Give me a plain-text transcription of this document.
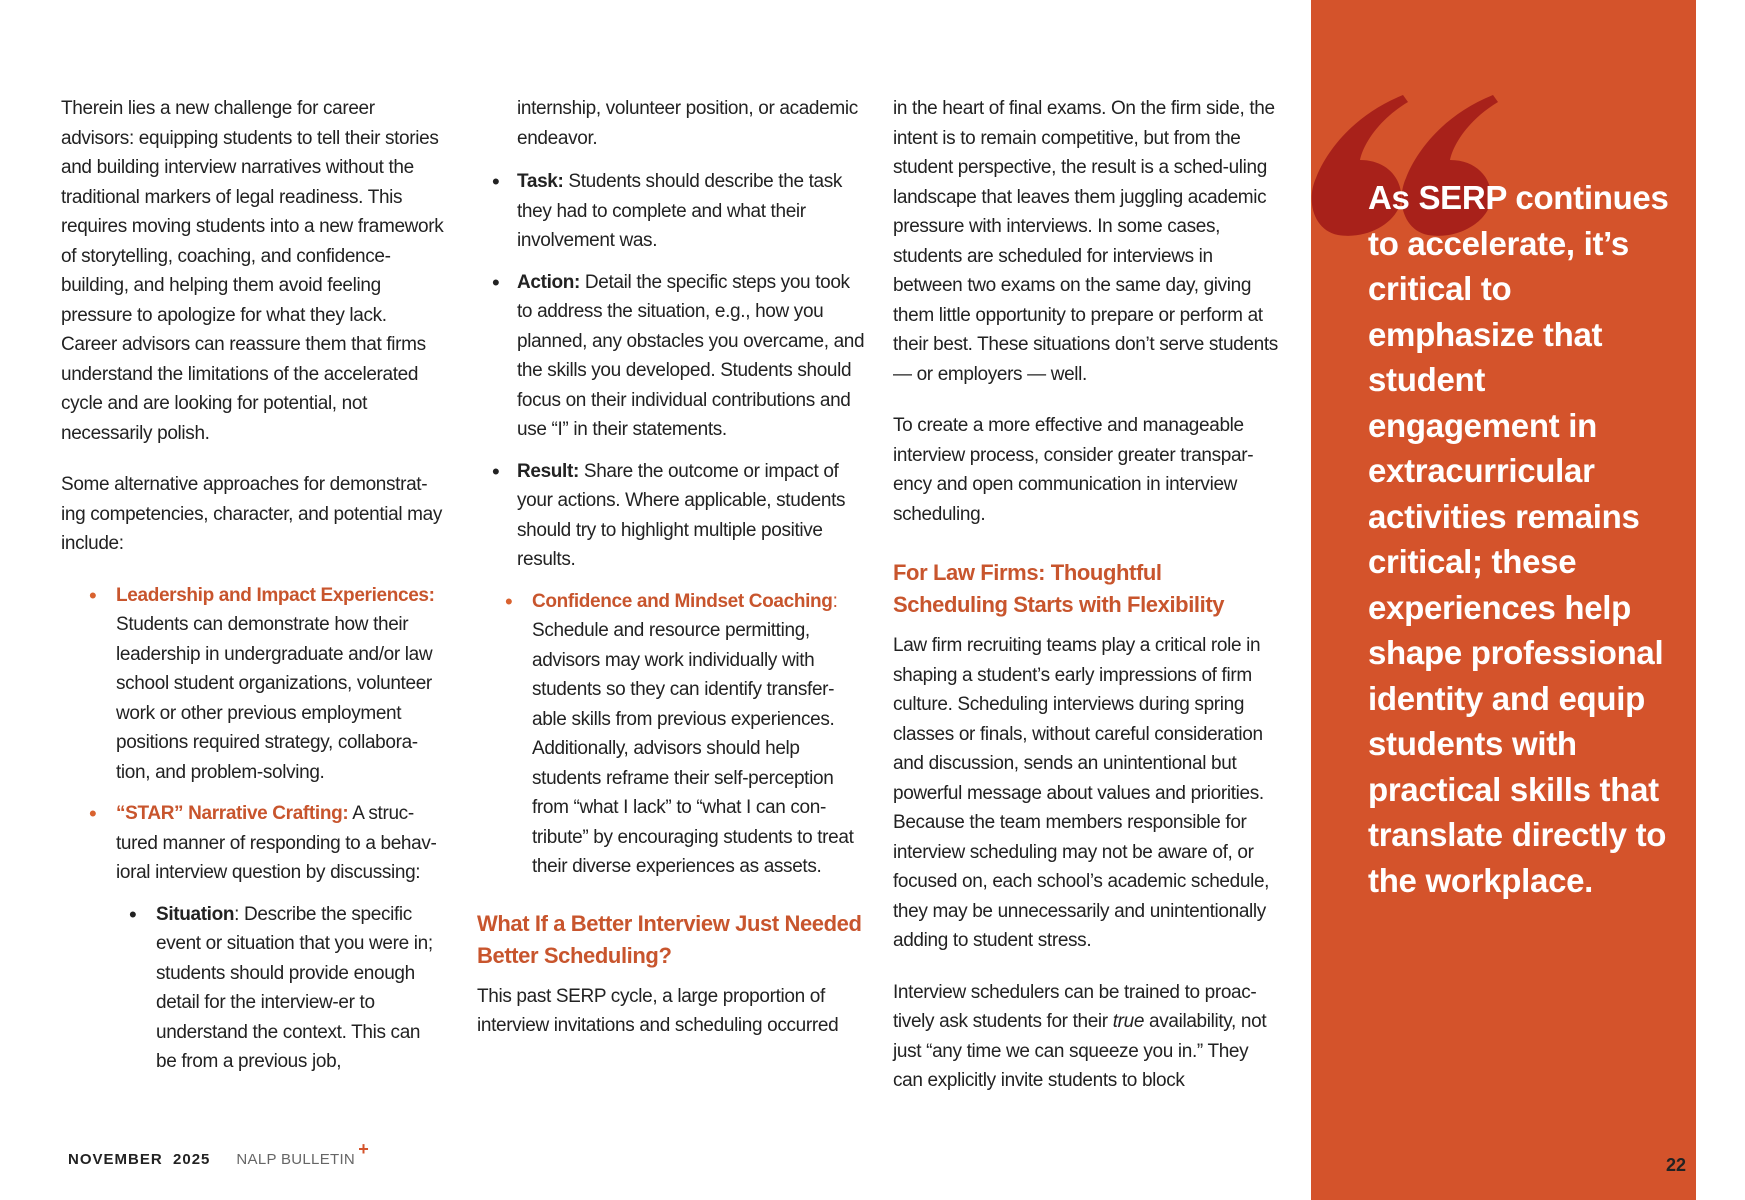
Therein lies a new challenge for career advisors: equipping students to tell their stories and building interview narratives without the traditional markers of legal readiness. This requires moving students into a new framework of storytelling, coaching, and confidence-building, and helping them avoid feeling pressure to apologize for what they lack. Career advisors can reassure them that firms understand the limitations of the accelerated cycle and are looking for potential, not necessarily polish.

Some alternative approaches for demonstrat-ing competencies, character, and potential may include:

• Leadership and Impact Experiences:
Students can demonstrate how their leadership in undergraduate and/or law school student organizations, volunteer work or other previous employment positions required strategy, collabora-tion, and problem-solving.
• “STAR” Narrative Crafting: A struc-tured manner of responding to a behav-ioral interview question by discussing:
• Situation: Describe the specific event or situation that you were in; students should provide enough detail for the interview-er to understand the context. This can be from a previous job,
internship, volunteer position, or academic endeavor.
• Task: Students should describe the task they had to complete and what their involvement was.
• Action: Detail the specific steps you took to address the situation, e.g., how you planned, any obstacles you overcame, and the skills you developed. Students should focus on their individual contributions and use “I” in their statements.
• Result: Share the outcome or impact of your actions. Where applicable, students should try to highlight multiple positive results.
• Confidence and Mindset Coaching:
Schedule and resource permitting, advisors may work individually with students so they can identify transfer-able skills from previous experiences. Additionally, advisors should help students reframe their self-perception from “what I lack” to “what I can con-tribute” by encouraging students to treat their diverse experiences as assets.
What If a Better Interview Just Needed Better Scheduling?

This past SERP cycle, a large proportion of interview invitations and scheduling occurred

in the heart of final exams. On the firm side, the intent is to remain competitive, but from the student perspective, the result is a sched-uling landscape that leaves them juggling academic pressure with interviews. In some cases, students are scheduled for interviews in between two exams on the same day, giving them little opportunity to prepare or perform at their best. These situations don’t serve students — or employers — well.

To create a more effective and manageable interview process, consider greater transpar-ency and open communication in interview scheduling.

For Law Firms: Thoughtful Scheduling Starts with Flexibility

Law firm recruiting teams play a critical role in shaping a student’s early impressions of firm culture. Scheduling interviews during spring classes or finals, without careful consideration and discussion, sends an unintentional but powerful message about values and priorities. Because the team members responsible for interview scheduling may not be aware of, or focused on, each school’s academic schedule, they may be unnecessarily and unintentionally adding to student stress.

Interview schedulers can be trained to proac-tively ask students for their true availability, not just “any time we can squeeze you in.” They can explicitly invite students to block

As SERP continues to accelerate, it’s critical to emphasize that student engagement in extracurricular activities remains critical; these experiences help shape professional identity and equip students with practical skills that translate directly to the workplace.
NOVEMBER  2025 NALP BULLETIN
+
22
